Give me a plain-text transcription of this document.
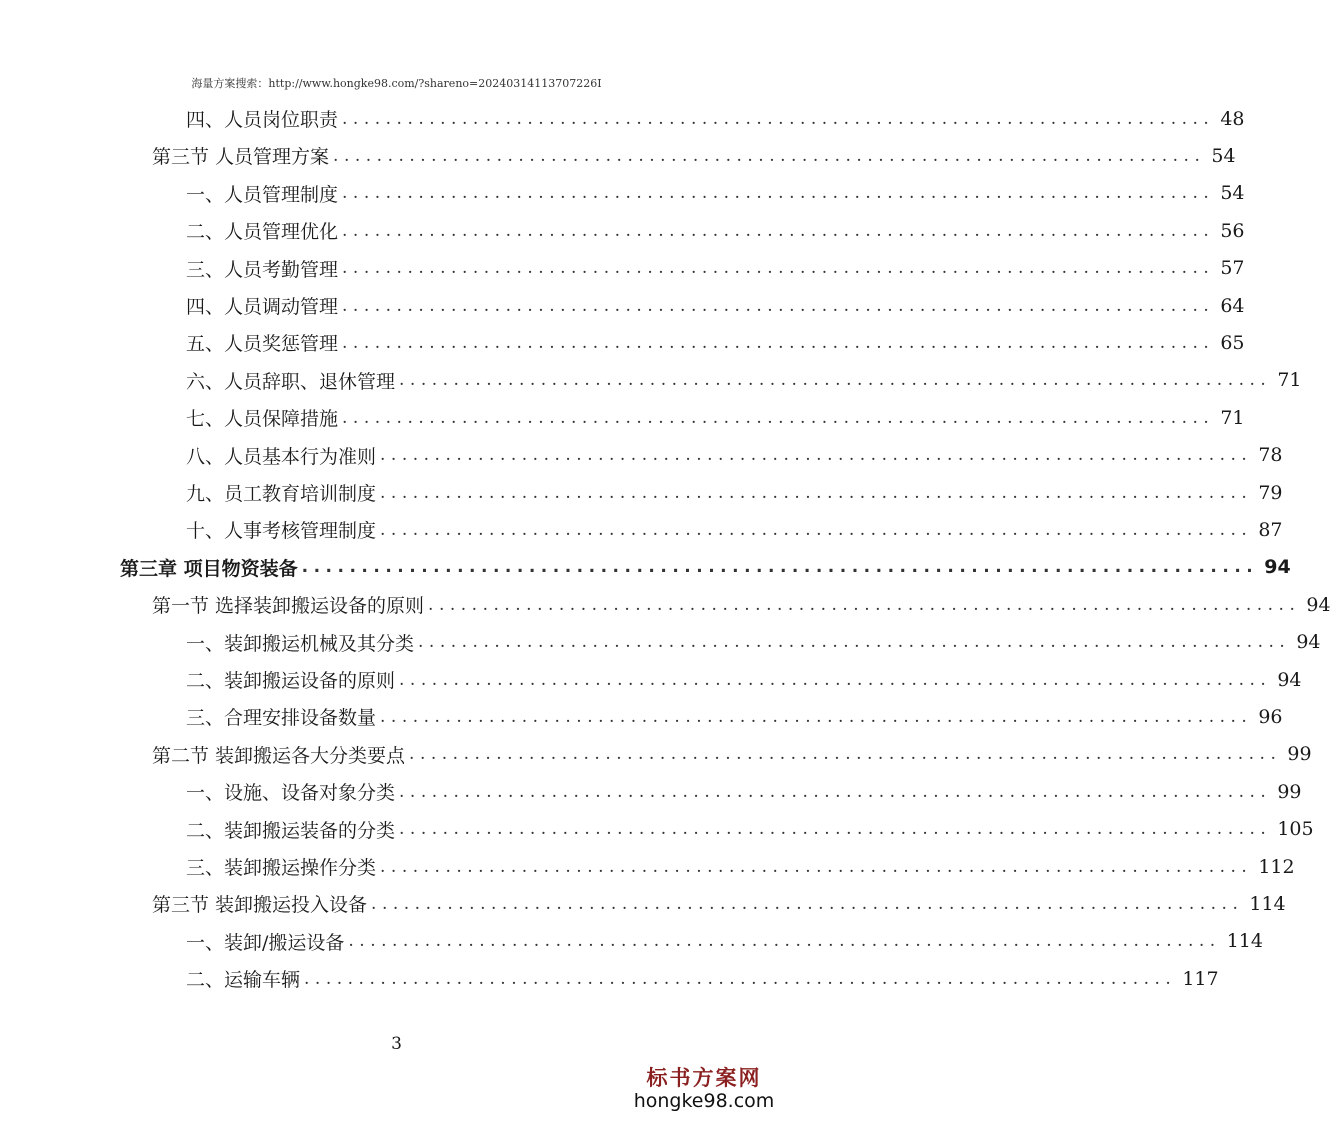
海量方案搜索：http://www.hongke98.com/?shareno=20240314113707226I
四、人员岗位职责 ................................................................................ 48
第三节 人员管理方案 ................................................................................ 54
一、人员管理制度 ................................................................................ 54
二、人员管理优化 ................................................................................ 56
三、人员考勤管理 ................................................................................ 57
四、人员调动管理 ................................................................................ 64
五、人员奖惩管理 ................................................................................ 65
六、人员辞职、退休管理 ................................................................................ 71
七、人员保障措施 ................................................................................ 71
八、人员基本行为准则 ................................................................................ 78
九、员工教育培训制度 ................................................................................ 79
十、人事考核管理制度 ................................................................................ 87
第三章 项目物资装备 ................................................................................ 94
第一节 选择装卸搬运设备的原则 ................................................................................ 94
一、装卸搬运机械及其分类 ................................................................................ 94
二、装卸搬运设备的原则 ................................................................................ 94
三、合理安排设备数量 ................................................................................ 96
第二节 装卸搬运各大分类要点 ................................................................................ 99
一、设施、设备对象分类 ................................................................................ 99
二、装卸搬运装备的分类 ................................................................................ 105
三、装卸搬运操作分类 ................................................................................ 112
第三节 装卸搬运投入设备 ................................................................................ 114
一、装卸/搬运设备 ................................................................................ 114
二、运输车辆 ................................................................................ 117
3
标书方案网
hongke98.com
